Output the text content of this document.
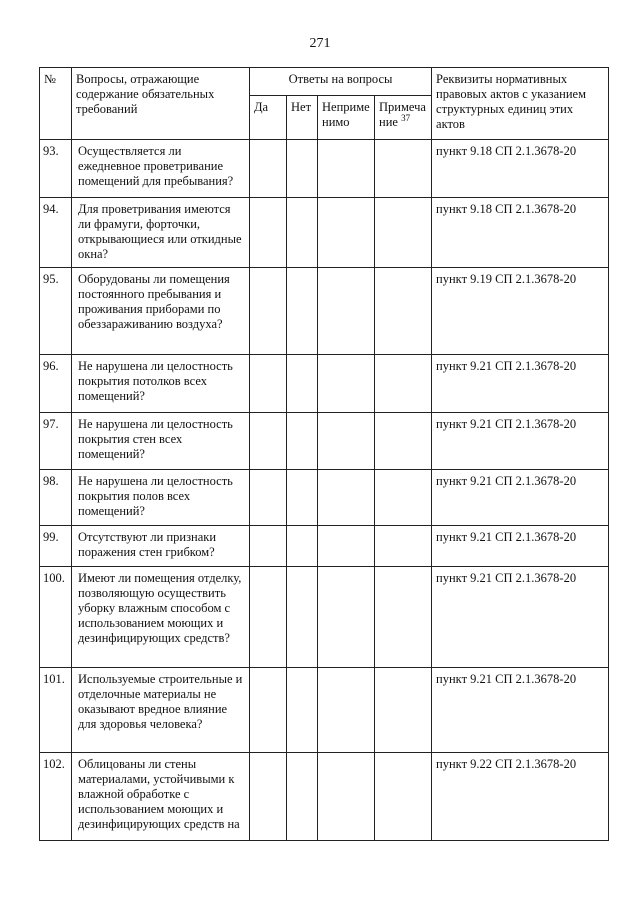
271
№	Вопросы, отражающие содержание обязательных требований	Ответы на вопросы				Реквизиты нормативных правовых актов с указанием структурных единиц этих актов
		Да	Нет	Неприме нимо	Примеча ние $^{37}$
93.	Осуществляется ли ежедневное проветривание помещений для пребывания?					пункт 9.18 СП 2.1.3678-20
94.	Для проветривания имеются ли фрамуги, форточки, открывающиеся или откидные окна?					пункт 9.18 СП 2.1.3678-20
95.	Оборудованы ли помещения постоянного пребывания и проживания приборами по обеззараживанию воздуха?					пункт 9.19 СП 2.1.3678-20
96.	Не нарушена ли целостность покрытия потолков всех помещений?					пункт 9.21 СП 2.1.3678-20
97.	Не нарушена ли целостность покрытия стен всех помещений?					пункт 9.21 СП 2.1.3678-20
98.	Не нарушена ли целостность покрытия полов всех помещений?					пункт 9.21 СП 2.1.3678-20
99.	Отсутствуют ли признаки поражения стен грибком?					пункт 9.21 СП 2.1.3678-20
100.	Имеют ли помещения отделку, позволяющую осуществить уборку влажным способом с использованием моющих и дезинфицирующих средств?					пункт 9.21 СП 2.1.3678-20
101.	Используемые строительные и отделочные материалы не оказывают вредное влияние для здоровья человека?					пункт 9.21 СП 2.1.3678-20
102.	Облицованы ли стены материалами, устойчивыми к влажной обработке с использованием моющих и дезинфицирующих средств на					пункт 9.22 СП 2.1.3678-20
